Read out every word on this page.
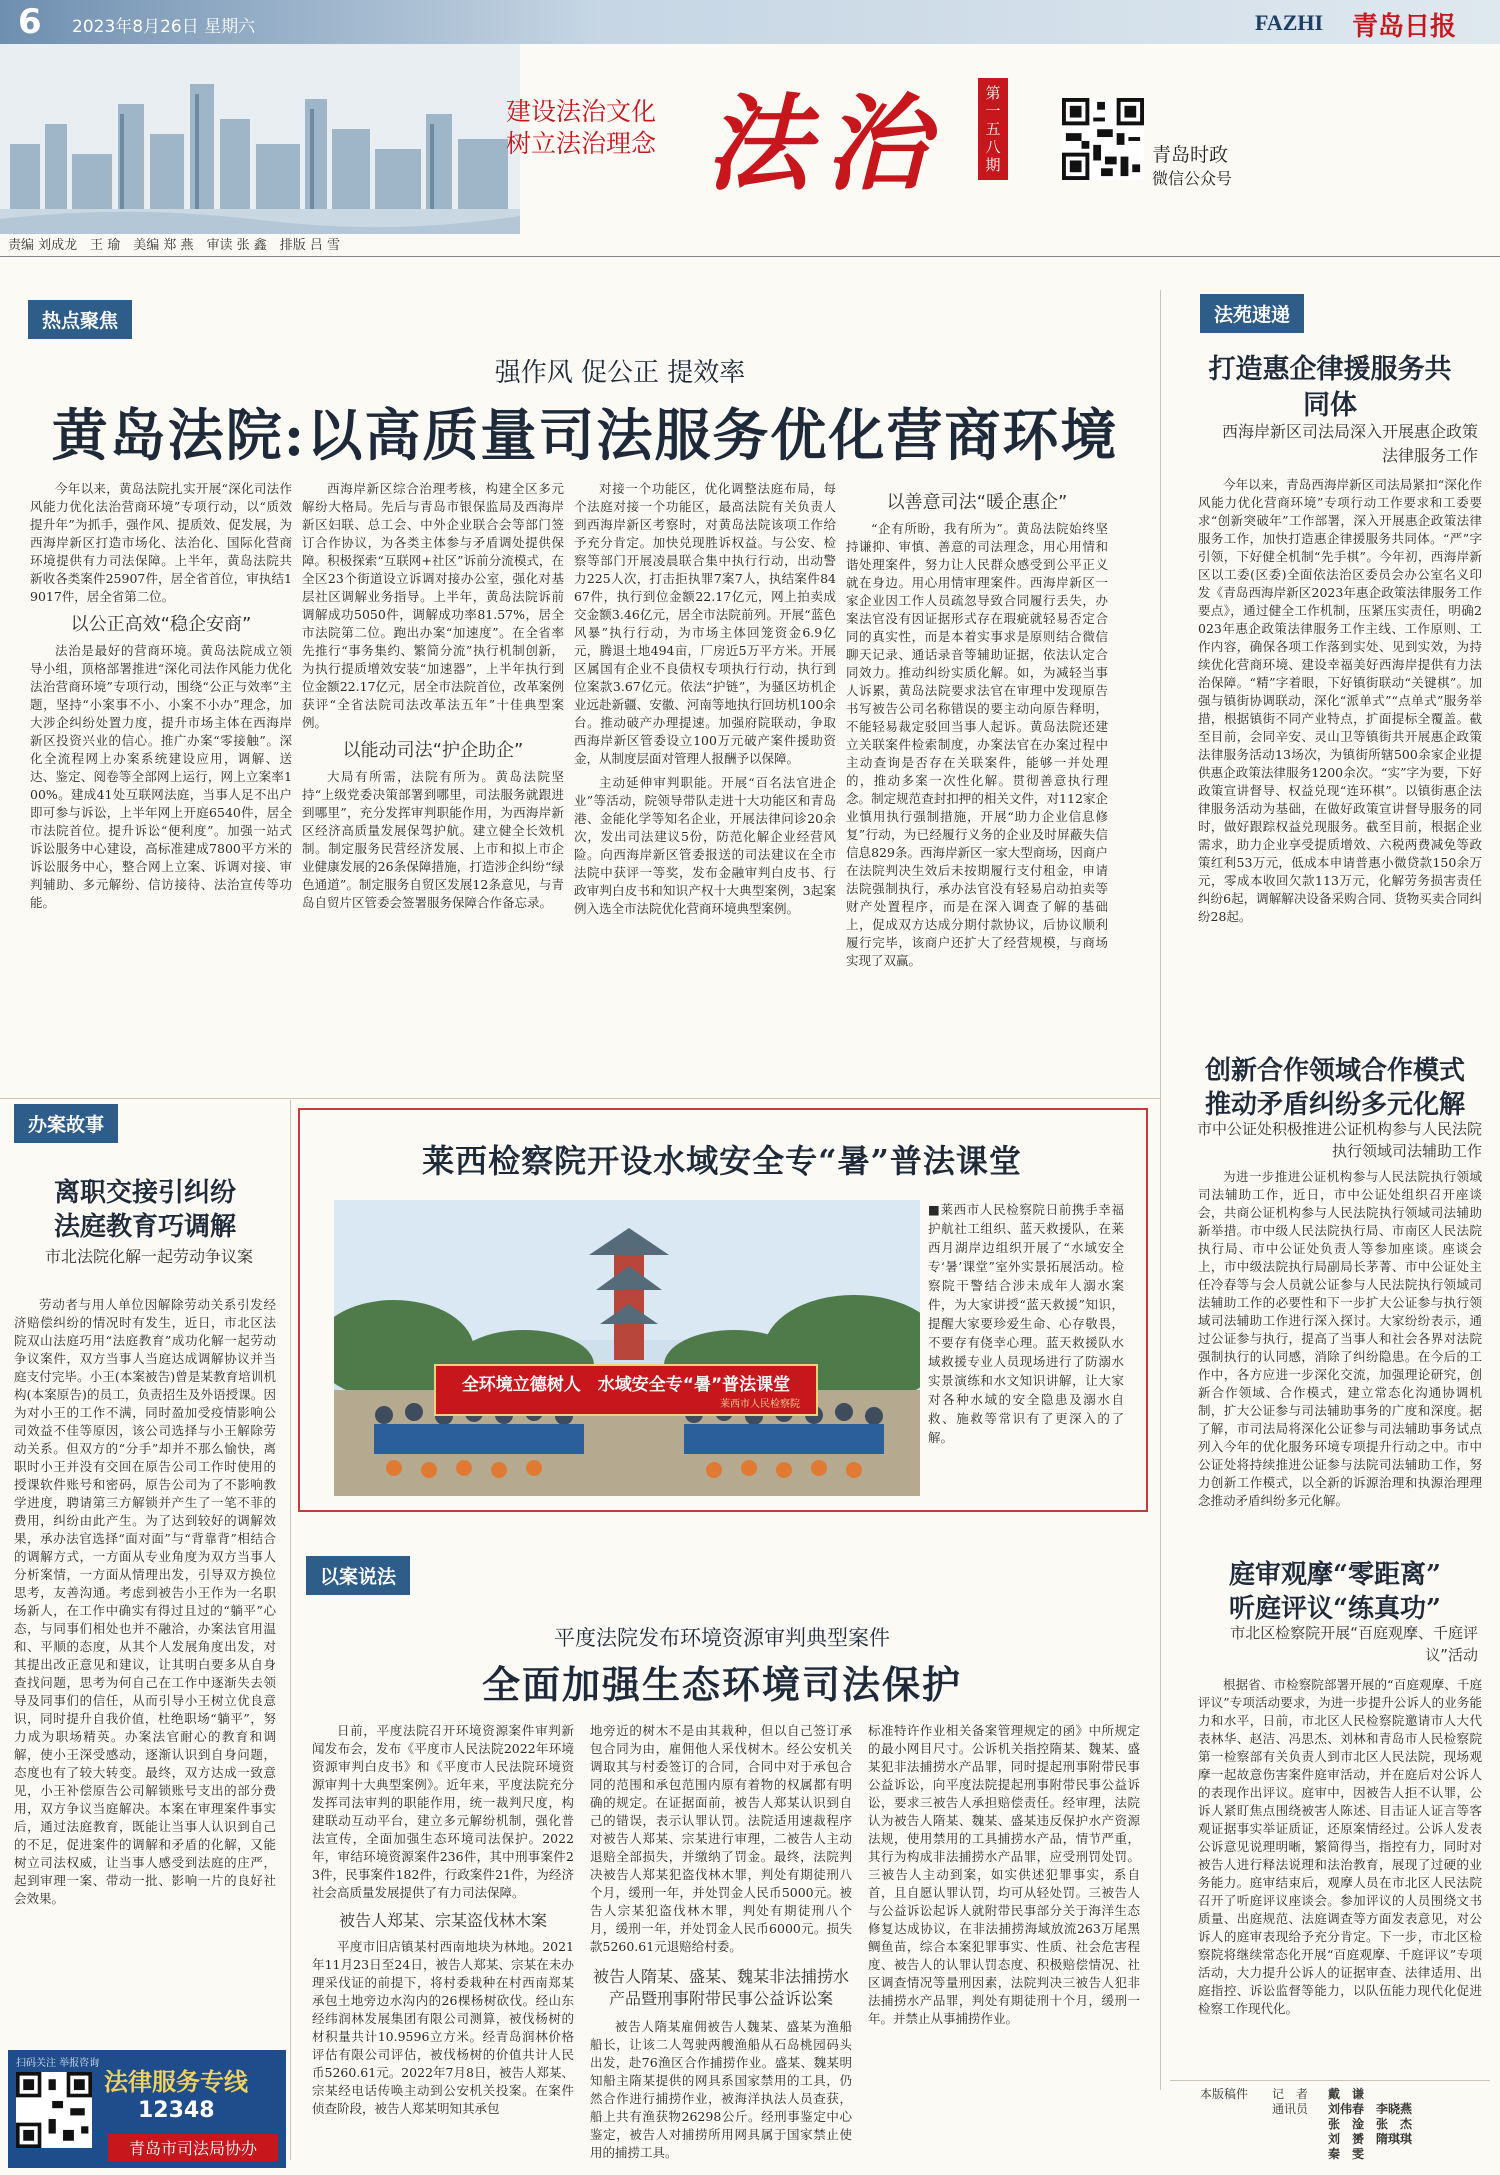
6 2023年8月26日 星期六	FAZHI 青岛日报
建设法治文化
树立法治理念 法治	第一五八期	青岛时政
微信公众号
责编 刘成龙　王 瑜　美编 郑 燕　审读 张 鑫　排版 吕 雪
热点聚焦
强作风 促公正 提效率
黄岛法院:以高质量司法服务优化营商环境

今年以来，黄岛法院扎实开展“深化司法作风能力优化法治营商环境”专项行动，以“质效提升年”为抓手，强作风、提质效、促发展，为西海岸新区打造市场化、法治化、国际化营商环境提供有力司法保障。上半年，黄岛法院共新收各类案件25907件，居全省首位，审执结19017件，居全省第二位。

以公正高效“稳企安商”

法治是最好的营商环境。黄岛法院成立领导小组，顶格部署推进“深化司法作风能力优化法治营商环境”专项行动，围绕“公正与效率”主题，坚持“小案事不小、小案不小办”理念，加大涉企纠纷处置力度，提升市场主体在西海岸新区投资兴业的信心。推广办案“零接触”。深化全流程网上办案系统建设应用，调解、送达、鉴定、阅卷等全部网上运行，网上立案率100%。建成41处互联网法庭，当事人足不出户即可参与诉讼，上半年网上开庭6540件，居全市法院首位。提升诉讼“便利度”。加强一站式诉讼服务中心建设，高标准建成7800平方米的诉讼服务中心，整合网上立案、诉调对接、审判辅助、多元解纷、信访接待、法治宣传等功能。

西海岸新区综合治理考核，构建全区多元解纷大格局。先后与青岛市银保监局及西海岸新区妇联、总工会、中外企业联合会等部门签订合作协议，为各类主体参与矛盾调处提供保障。积极探索“互联网+社区”诉前分流模式，在全区23个街道设立诉调对接办公室，强化对基层社区调解业务指导。上半年，黄岛法院诉前调解成功5050件，调解成功率81.57%，居全市法院第二位。跑出办案“加速度”。在全省率先推行“事务集约、繁简分流”执行机制创新，为执行提质增效安装“加速器”，上半年执行到位金额22.17亿元，居全市法院首位，改革案例获评“全省法院司法改革法五年”十佳典型案例。

以能动司法“护企助企”

大局有所需，法院有所为。黄岛法院坚持“上级党委决策部署到哪里，司法服务就跟进到哪里”，充分发挥审判职能作用，为西海岸新区经济高质量发展保驾护航。建立健全长效机制。制定服务民营经济发展、上市和拟上市企业健康发展的26条保障措施，打造涉企纠纷“绿色通道”。制定服务自贸区发展12条意见，与青岛自贸片区管委会签署服务保障合作备忘录。

对接一个功能区，优化调整法庭布局，每个法庭对接一个功能区，最高法院有关负责人到西海岸新区考察时，对黄岛法院该项工作给予充分肯定。加快兑现胜诉权益。与公安、检察等部门开展凌晨联合集中执行行动，出动警力225人次，打击拒执罪7案7人，执结案件8467件，执行到位金额22.17亿元，网上拍卖成交金额3.46亿元，居全市法院前列。开展“蓝色风暴”执行行动，为市场主体回笼资金6.9亿元，腾退土地494亩，厂房近5万平方米。开展区属国有企业不良债权专项执行行动，执行到位案款3.67亿元。依法“护链”，为骚区坊机企业远赴新疆、安徽、河南等地执行回坊机100余台。推动破产办理提速。加强府院联动，争取西海岸新区管委设立100万元破产案件援助资金，从制度层面对管理人报酬予以保障。

主动延伸审判职能。开展“百名法官进企业”等活动，院领导带队走进十大功能区和青岛港、金能化学等知名企业，开展法律问诊20余次，发出司法建议5份，防范化解企业经营风险。向西海岸新区管委报送的司法建议在全市法院中获评一等奖，发布金融审判白皮书、行政审判白皮书和知识产权十大典型案例，3起案例入选全市法院优化营商环境典型案例。

以善意司法“暖企惠企”

“企有所盼，我有所为”。黄岛法院始终坚持谦抑、审慎、善意的司法理念，用心用情和谐处理案件，努力让人民群众感受到公平正义就在身边。用心用情审理案件。西海岸新区一家企业因工作人员疏忽导致合同履行丢失，办案法官没有因证据形式存在瑕疵就轻易否定合同的真实性，而是本着实事求是原则结合微信聊天记录、通话录音等辅助证据，依法认定合同效力。推动纠纷实质化解。如，为减轻当事人诉累，黄岛法院要求法官在审理中发现原告书写被告公司名称错误的要主动向原告释明，不能轻易裁定驳回当事人起诉。黄岛法院还建立关联案件检索制度，办案法官在办案过程中主动查询是否存在关联案件，能够一并处理的，推动多案一次性化解。贯彻善意执行理念。制定规范查封扣押的相关文件，对112家企业慎用执行强制措施，开展“助力企业信息修复”行动，为已经履行义务的企业及时屏蔽失信信息829条。西海岸新区一家大型商场，因商户在法院判决生效后未按期履行支付租金，申请法院强制执行，承办法官没有轻易启动拍卖等财产处置程序，而是在深入调查了解的基础上，促成双方达成分期付款协议，后协议顺利履行完毕，该商户还扩大了经营规模，与商场实现了双赢。

法苑速递
打造惠企律援服务共同体
西海岸新区司法局深入开展惠企政策法律服务工作

今年以来，青岛西海岸新区司法局紧扣“深化作风能力优化营商环境”专项行动工作要求和工委要求“创新突破年”工作部署，深入开展惠企政策法律服务工作，加快打造惠企律援服务共同体。“严”字引领，下好健全机制“先手棋”。今年初，西海岸新区以工委(区委)全面依法治区委员会办公室名义印发《青岛西海岸新区2023年惠企政策法律服务工作要点》，通过健全工作机制，压紧压实责任，明确2023年惠企政策法律服务工作主线、工作原则、工作内容，确保各项工作落到实处、见到实效，为持续优化营商环境、建设幸福美好西海岸提供有力法治保障。“精”字着眼，下好镇街联动“关键棋”。加强与镇街协调联动，深化“派单式”“点单式”服务举措，根据镇街不同产业特点，扩面提标全覆盖。截至目前，会同辛安、灵山卫等镇街共开展惠企政策法律服务活动13场次，为镇街所辖500余家企业提供惠企政策法律服务1200余次。“实”字为要，下好政策宣讲督导、权益兑现“连环棋”。以镇街惠企法律服务活动为基础，在做好政策宣讲督导服务的同时，做好跟踪权益兑现服务。截至目前，根据企业需求，助力企业享受提质增效、六税两费减免等政策红利53万元，低成本申请普惠小微贷款150余万元，零成本收回欠款113万元，化解劳务损害责任纠纷6起，调解解决设备采购合同、货物买卖合同纠纷28起。

创新合作领域合作模式
推动矛盾纠纷多元化解
市中公证处积极推进公证机构参与人民法院执行领域司法辅助工作

为进一步推进公证机构参与人民法院执行领域司法辅助工作，近日，市中公证处组织召开座谈会，共商公证机构参与人民法院执行领域司法辅助新举措。市中级人民法院执行局、市南区人民法院执行局、市中公证处负责人等参加座谈。座谈会上，市中级法院执行局副局长茅菁、市中公证处主任冷春等与会人员就公证参与人民法院执行领域司法辅助工作的必要性和下一步扩大公证参与执行领域司法辅助工作进行深入探讨。大家纷纷表示，通过公证参与执行，提高了当事人和社会各界对法院强制执行的认同感，消除了纠纷隐患。在今后的工作中，各方应进一步深化交流，加强理论研究，创新合作领域、合作模式，建立常态化沟通协调机制，扩大公证参与司法辅助事务的广度和深度。据了解，市司法局将深化公证参与司法辅助事务试点列入今年的优化服务环境专项提升行动之中。市中公证处将持续推进公证参与法院司法辅助工作，努力创新工作模式，以全新的诉源治理和执源治理理念推动矛盾纠纷多元化解。

庭审观摩“零距离”
听庭评议“练真功”
市北区检察院开展“百庭观摩、千庭评议”活动

根据省、市检察院部署开展的“百庭观摩、千庭评议”专项活动要求，为进一步提升公诉人的业务能力和水平，日前，市北区人民检察院邀请市人大代表林华、赵洁、冯思杰、刘林和青岛市人民检察院第一检察部有关负责人到市北区人民法院，现场观摩一起故意伤害案件庭审活动，并在庭后对公诉人的表现作出评议。庭审中，因被告人拒不认罪，公诉人紧盯焦点围绕被害人陈述、目击证人证言等客观证据事实举证质证，还原案情经过。公诉人发表公诉意见说理明晰，繁简得当，指控有力，同时对被告人进行释法说理和法治教育，展现了过硬的业务能力。庭审结束后，观摩人员在市北区人民法院召开了听庭评议座谈会。参加评议的人员围绕文书质量、出庭规范、法庭调查等方面发表意见，对公诉人的庭审表现给予充分肯定。下一步，市北区检察院将继续常态化开展“百庭观摩、千庭评议”专项活动，大力提升公诉人的证据审查、法律适用、出庭指控、诉讼监督等能力，以队伍能力现代化促进检察工作现代化。

办案故事
离职交接引纠纷
法庭教育巧调解
市北法院化解一起劳动争议案

劳动者与用人单位因解除劳动关系引发经济赔偿纠纷的情况时有发生，近日，市北区法院双山法庭巧用“法庭教育”成功化解一起劳动争议案件，双方当事人当庭达成调解协议并当庭支付完毕。小王(本案被告)曾是某教育培训机构(本案原告)的员工，负责招生及外语授课。因为对小王的工作不满，同时盈加受疫情影响公司效益不佳等原因，该公司选择与小王解除劳动关系。但双方的“分手”却并不那么愉快，离职时小王并没有交回在原告公司工作时使用的授课软件账号和密码，原告公司为了不影响教学进度，聘请第三方解锁并产生了一笔不菲的费用，纠纷由此产生。为了达到较好的调解效果，承办法官选择“面对面”与“背靠背”相结合的调解方式，一方面从专业角度为双方当事人分析案情，一方面从情理出发，引导双方换位思考，友善沟通。考虑到被告小王作为一名职场新人，在工作中确实有得过且过的“躺平”心态，与同事们相处也并不融洽，办案法官用温和、平顺的态度，从其个人发展角度出发，对其提出改正意见和建议，让其明白要多从自身查找问题，思考为何自己在工作中逐渐失去领导及同事们的信任，从而引导小王树立优良意识，同时提升自我价值，杜绝职场“躺平”，努力成为职场精英。办案法官耐心的教育和调解，使小王深受感动，逐渐认识到自身问题，态度也有了较大转变。最终，双方达成一致意见，小王补偿原告公司解锁账号支出的部分费用，双方争议当庭解决。本案在审理案件事实后，通过法庭教育，既能让当事人认识到自己的不足，促进案件的调解和矛盾的化解，又能树立司法权威，让当事人感受到法庭的庄严，起到审理一案、带动一批、影响一片的良好社会效果。

莱西检察院开设水域安全专“暑”普法课堂
全环境立德树人　水域安全专“暑”普法课堂
莱西市人民检察院

■莱西市人民检察院日前携手幸福护航社工组织、蓝天救援队，在莱西月湖岸边组织开展了“水域安全专‘暑’课堂”室外实景拓展活动。检察院干警结合涉未成年人溺水案件，为大家讲授“蓝天救援”知识，提醒大家要珍爱生命、心存敬畏，不要存有侥幸心理。蓝天救援队水域救援专业人员现场进行了防溺水实景演练和水文知识讲解，让大家对各种水域的安全隐患及溺水自救、施救等常识有了更深入的了解。

以案说法
平度法院发布环境资源审判典型案件
全面加强生态环境司法保护

日前，平度法院召开环境资源案件审判新闻发布会，发布《平度市人民法院2022年环境资源审判白皮书》和《平度市人民法院环境资源审判十大典型案例》。近年来，平度法院充分发挥司法审判的职能作用，统一裁判尺度，构建联动互动平台，建立多元解纷机制，强化普法宣传，全面加强生态环境司法保护。2022年，审结环境资源案件236件，其中刑事案件23件，民事案件182件，行政案件21件，为经济社会高质量发展提供了有力司法保障。

被告人郑某、宗某盗伐林木案

平度市旧店镇某村西南地块为林地。2021年11月23日至24日，被告人郑某、宗某在未办理采伐证的前提下，将村委栽种在村西南郑某承包土地旁边水沟内的26棵杨树砍伐。经山东经纬润林发展集团有限公司测算，被伐杨树的材积量共计10.9596立方米。经青岛润林价格评估有限公司评估，被伐杨树的价值共计人民币5260.61元。2022年7月8日，被告人郑某、宗某经电话传唤主动到公安机关投案。在案件侦查阶段，被告人郑某明知其承包

地旁近的树木不是由其栽种，但以自己签订承包合同为由，雇佣他人采伐树木。经公安机关调取其与村委签订的合同，合同中对于承包合同的范围和承包范围内原有着物的权属都有明确的规定。在证据面前，被告人郑某认识到自己的错误，表示认罪认罚。法院适用速裁程序对被告人郑某、宗某进行审理，二被告人主动退赔全部损失，并缴纳了罚金。最终，法院判决被告人郑某犯盗伐林木罪，判处有期徒刑八个月，缓刑一年，并处罚金人民币5000元。被告人宗某犯盗伐林木罪，判处有期徒刑八个月，缓刑一年，并处罚金人民币6000元。损失款5260.61元退赔给村委。

被告人隋某、盛某、魏某非法捕捞水产品暨刑事附带民事公益诉讼案

被告人隋某雇佣被告人魏某、盛某为渔船船长，让该二人驾驶两艘渔船从石岛桃园码头出发，赴76渔区合作捕捞作业。盛某、魏某明知船主隋某提供的网具系国家禁用的工具，仍然合作进行捕捞作业，被海洋执法人员查获，船上共有渔获物26298公斤。经刑事鉴定中心鉴定，被告人对捕捞所用网具属于国家禁止使用的捕捞工具。

标准特许作业相关备案管理规定的函》中所规定的最小网目尺寸。公诉机关指控隋某、魏某、盛某犯非法捕捞水产品罪，同时提起刑事附带民事公益诉讼，向平度法院提起刑事附带民事公益诉讼，要求三被告人承担赔偿责任。经审理，法院认为被告人隋某、魏某、盛某违反保护水产资源法规，使用禁用的工具捕捞水产品，情节严重，其行为构成非法捕捞水产品罪，应受刑罚处罚。三被告人主动到案，如实供述犯罪事实，系自首，且自愿认罪认罚，均可从轻处罚。三被告人与公益诉讼起诉人就附带民事部分关于海洋生态修复达成协议，在非法捕捞海域放流263万尾黑鲷鱼苗，综合本案犯罪事实、性质、社会危害程度、被告人的认罪认罚态度、积极赔偿情况、社区调查情况等量刑因素，法院判决三被告人犯非法捕捞水产品罪，判处有期徒刑十个月，缓刑一年。并禁止从事捕捞作业。

扫码关注 举报咨询
法律服务专线
12348
青岛市司法局协办
本版稿件 记　者
通讯员
戴　谦
刘伟春　李晓燕
张　淦　张　杰
刘　赟　隋琪琪
秦　雯
